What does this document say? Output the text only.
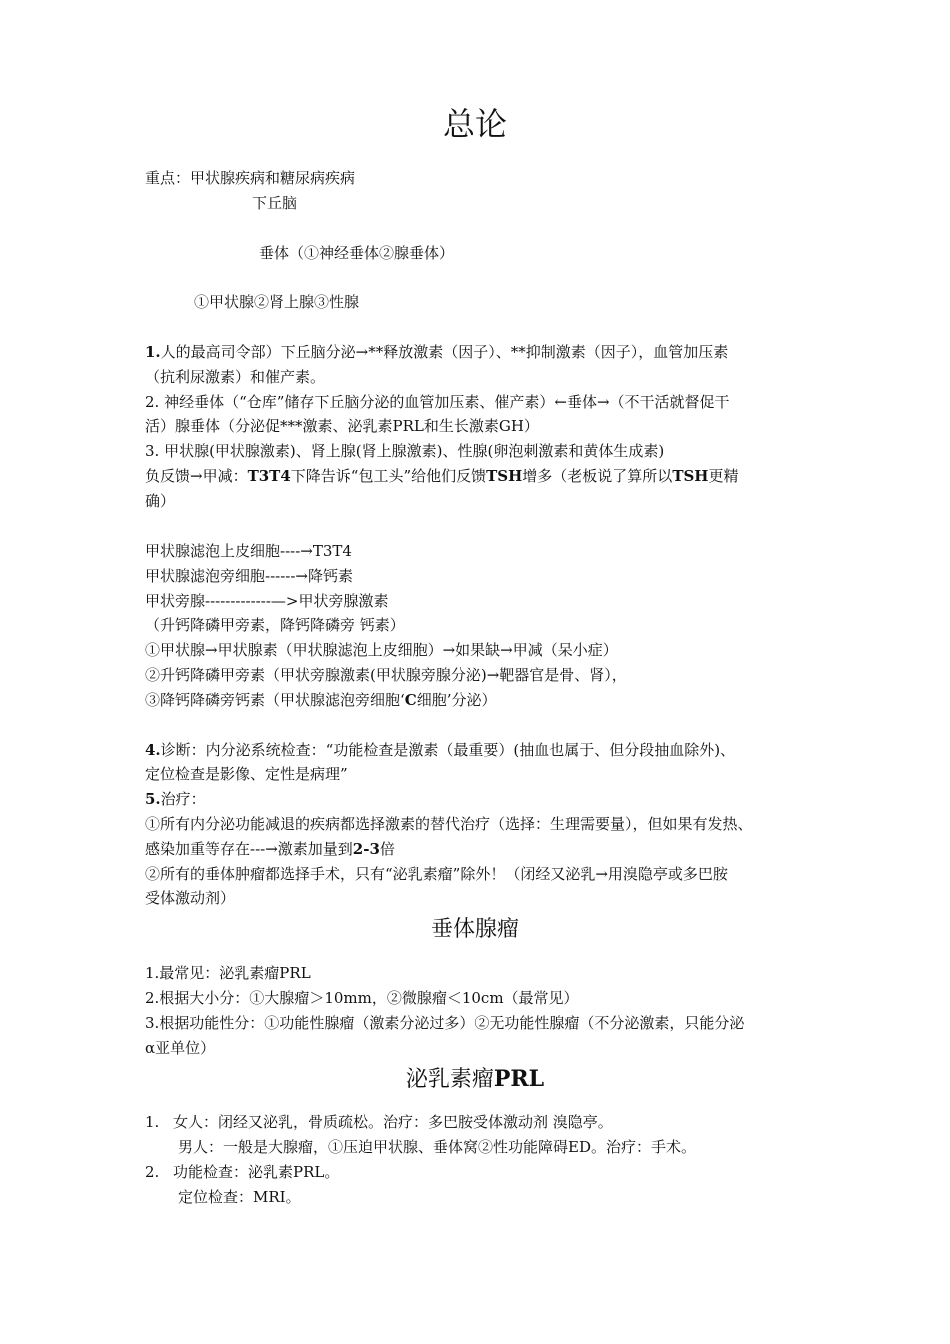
总论
重点：甲状腺疾病和糖尿病疾病
下丘脑
垂体（①神经垂体②腺垂体）
①甲状腺②肾上腺③性腺
1.人的最高司令部）下丘脑分泌→**释放激素（因子）、**抑制激素（因子），血管加压素
（抗利尿激素）和催产素。
2. 神经垂体（“仓库”储存下丘脑分泌的血管加压素、催产素）←垂体→（不干活就督促干
活）腺垂体（分泌促***激素、泌乳素PRL和生长激素GH）
3. 甲状腺(甲状腺激素)、肾上腺(肾上腺激素)、性腺(卵泡刺激素和黄体生成素)
负反馈→甲减：T3T4下降告诉“包工头”给他们反馈TSH增多（老板说了算所以TSH更精
确）
甲状腺滤泡上皮细胞----→T3T4
甲状腺滤泡旁细胞------→降钙素
甲状旁腺-------------—>甲状旁腺激素
（升钙降磷甲旁素，降钙降磷旁 钙素）
①甲状腺→甲状腺素（甲状腺滤泡上皮细胞）→如果缺→甲减（呆小症）
②升钙降磷甲旁素（甲状旁腺激素(甲状腺旁腺分泌)→靶器官是骨、肾），
③降钙降磷旁钙素（甲状腺滤泡旁细胞‘C细胞’分泌）
4.诊断：内分泌系统检查：“功能检查是激素（最重要）(抽血也属于、但分段抽血除外)、
定位检查是影像、定性是病理”
5.治疗：
①所有内分泌功能减退的疾病都选择激素的替代治疗（选择：生理需要量），但如果有发热、
感染加重等存在---→激素加量到2-3倍
②所有的垂体肿瘤都选择手术，只有“泌乳素瘤”除外！（闭经又泌乳→用溴隐亭或多巴胺
受体激动剂）
垂体腺瘤
1.最常见：泌乳素瘤PRL
2.根据大小分：①大腺瘤＞10mm，②微腺瘤＜10cm（最常见）
3.根据功能性分：①功能性腺瘤（激素分泌过多）②无功能性腺瘤（不分泌激素，只能分泌
α亚单位）
泌乳素瘤PRL
1. 女人：闭经又泌乳，骨质疏松。治疗：多巴胺受体激动剂 溴隐亭。
男人：一般是大腺瘤，①压迫甲状腺、垂体窝②性功能障碍ED。治疗：手术。
2. 功能检查：泌乳素PRL。
定位检查：MRI。
